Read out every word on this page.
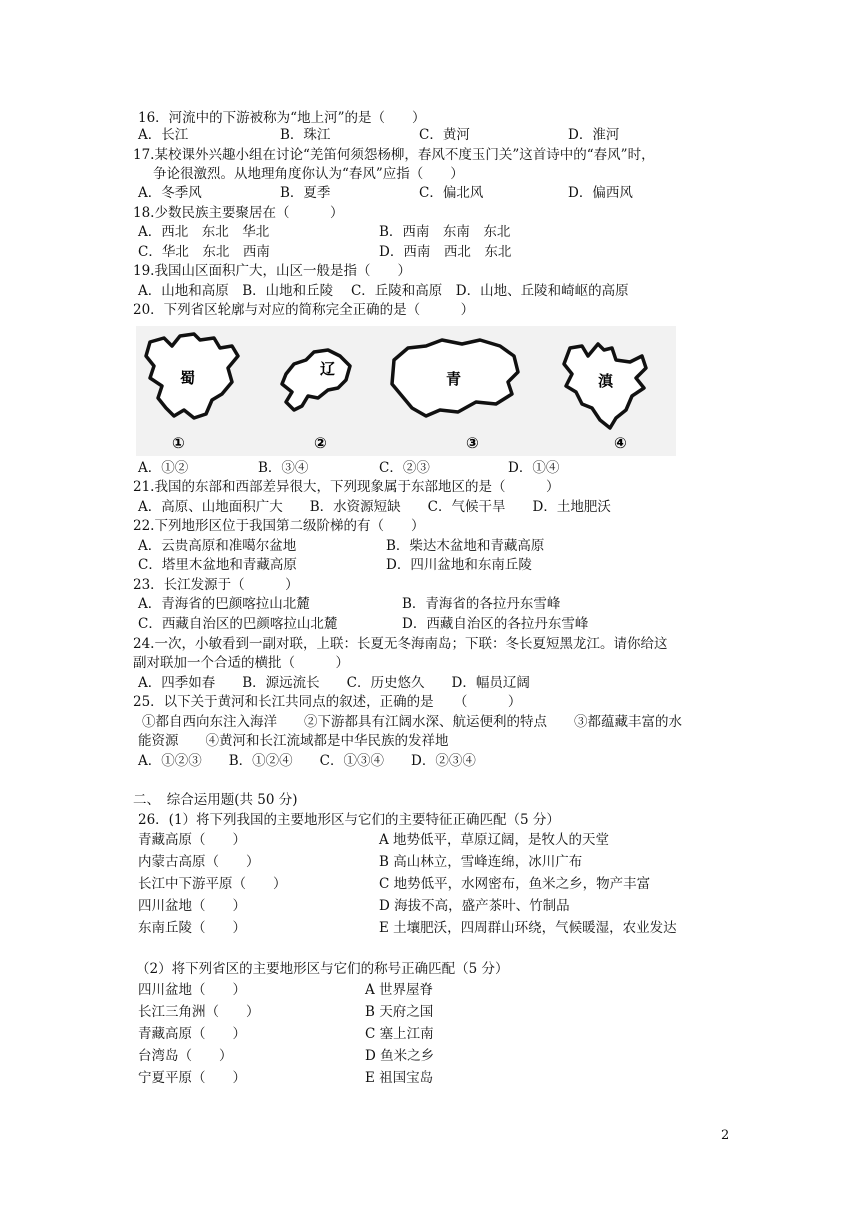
16．河流中的下游被称为“地上河”的是（　　）
A．长江	B．珠江	C．黄河	D．淮河
17.某校课外兴趣小组在讨论“羌笛何须怨杨柳，春风不度玉门关”这首诗中的“春风”时，
争论很激烈。从地理角度你认为“春风”应指（　　）
A．冬季风	B．夏季	C．偏北风	D．偏西风
18.少数民族主要聚居在（　　　）
A．西北　东北　华北	B．西南　东南　东北
C．华北　东北　西南	D．西南　西北　东北
19.我国山区面积广大，山区一般是指（　　）
A．山地和高原　B．山地和丘陵　 C．丘陵和高原　D．山地、丘陵和崎岖的高原
20．下列省区轮廓与对应的简称完全正确的是（　　　）
蜀
①
辽
②
青
③
滇
④
A．①②	B．③④	C．②③	D．①④
21.我国的东部和西部差异很大，下列现象属于东部地区的是（　　　）
A．高原、山地面积广大　　B．水资源短缺　　C．气候干旱　　D．土地肥沃
22.下列地形区位于我国第二级阶梯的有（　　）
A．云贵高原和准噶尔盆地	B．柴达木盆地和青藏高原
C．塔里木盆地和青藏高原	D．四川盆地和东南丘陵
23．长江发源于（　　　）
A．青海省的巴颜喀拉山北麓	B．青海省的各拉丹东雪峰
C．西藏自治区的巴颜喀拉山北麓	D．西藏自治区的各拉丹东雪峰
24.一次，小敏看到一副对联，上联：长夏无冬海南岛；下联：冬长夏短黑龙江。请你给这
副对联加一个合适的横批（　　　）
A．四季如春　　B．源远流长　　C．历史悠久　　D．幅员辽阔
25．以下关于黄河和长江共同点的叙述，正确的是　　（　　　）
①都自西向东注入海洋　　②下游都具有江阔水深、航运便利的特点　　③都蕴藏丰富的水
能资源　　④黄河和长江流域都是中华民族的发祥地
A．①②③　　B．①②④　　C．①③④　　D．②③④
二、　综合运用题(共 50 分)
26．(1）将下列我国的主要地形区与它们的主要特征正确匹配（5 分）
青藏高原（　　）	A 地势低平，草原辽阔，是牧人的天堂
内蒙古高原（　　）	B 高山林立，雪峰连绵，冰川广布
长江中下游平原（　　）	C 地势低平，水网密布，鱼米之乡，物产丰富
四川盆地（　　）	D 海拔不高，盛产茶叶、竹制品
东南丘陵（　　）	E 土壤肥沃，四周群山环绕，气候暖湿，农业发达
（2）将下列省区的主要地形区与它们的称号正确匹配（5 分）
四川盆地（　　）	A 世界屋脊
长江三角洲（　　）	B 天府之国
青藏高原（　　）	C 塞上江南
台湾岛（　　）	D 鱼米之乡
宁夏平原（　　）	E 祖国宝岛
2
